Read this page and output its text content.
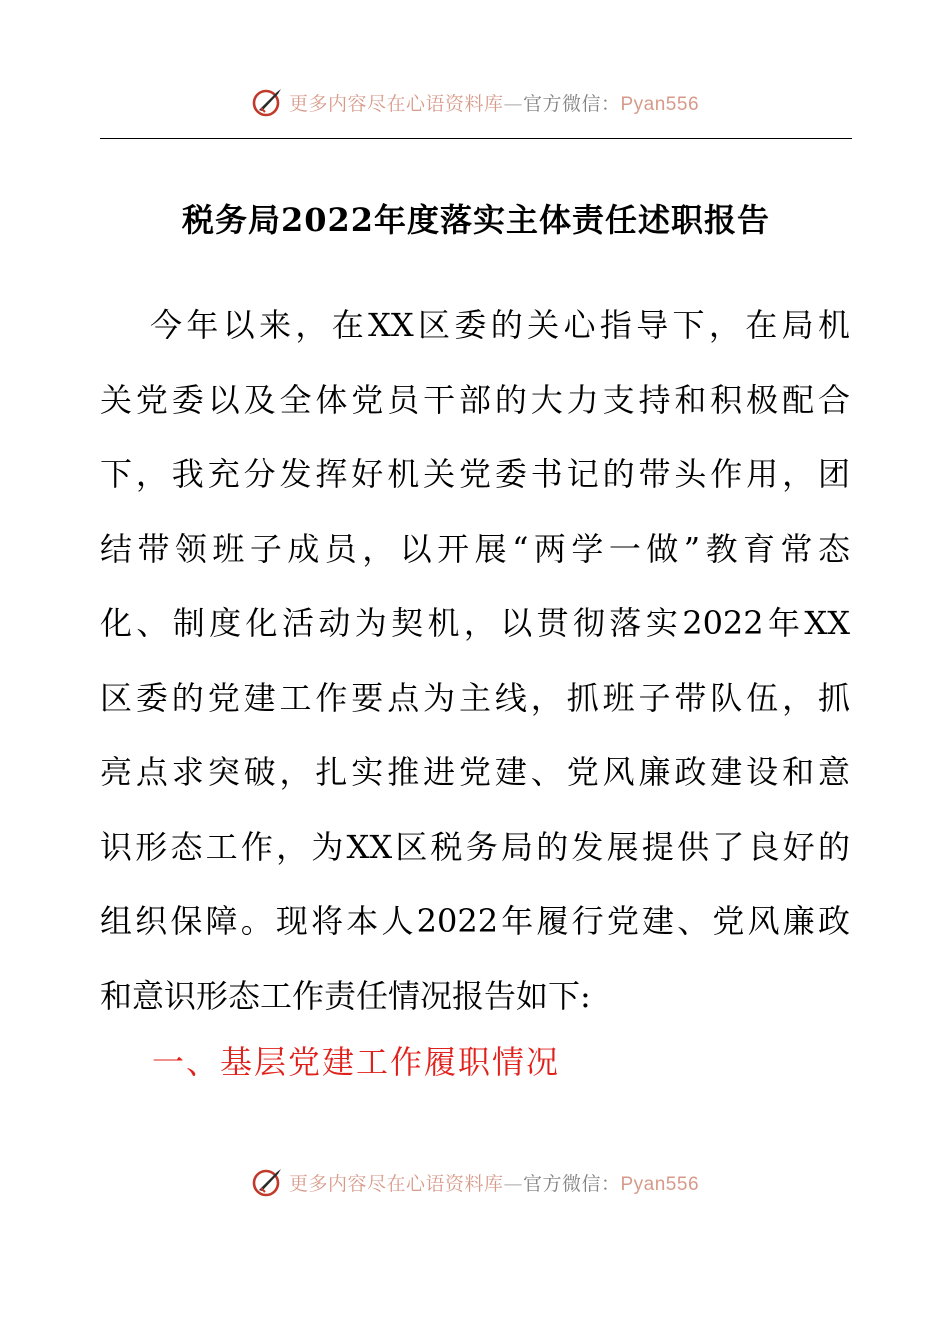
更多内容尽在心语资料库—官方微信：Pyan556
税务局2022年度落实主体责任述职报告
今年以来，在XX区委的关心指导下，在局机
关党委以及全体党员干部的大力支持和积极配合
下，我充分发挥好机关党委书记的带头作用，团
结带领班子成员，以开展“两学一做”教育常态
化、制度化活动为契机，以贯彻落实2022年XX
区委的党建工作要点为主线，抓班子带队伍，抓
亮点求突破，扎实推进党建、党风廉政建设和意
识形态工作，为XX区税务局的发展提供了良好的
组织保障。现将本人2022年履行党建、党风廉政
和意识形态工作责任情况报告如下:
一、基层党建工作履职情况
更多内容尽在心语资料库—官方微信：Pyan556
